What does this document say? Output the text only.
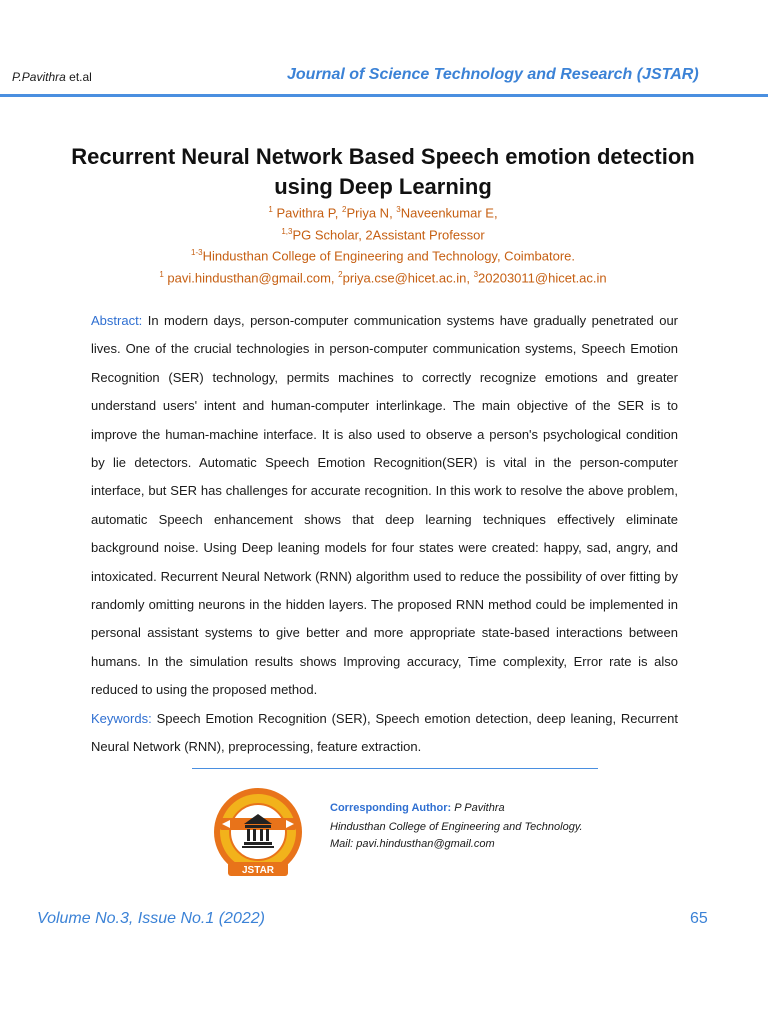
P.Pavithra et.al	Journal of Science Technology and Research (JSTAR)
Recurrent Neural Network Based Speech emotion detection using Deep Learning
$^1$ Pavithra P, $^2$Priya N, $^3$Naveenkumar E,
$^{1,3}$PG Scholar, 2Assistant Professor
$^{1-3}$Hindusthan College of Engineering and Technology, Coimbatore.
$^1$ pavi.hindusthan@gmail.com, $^2$priya.cse@hicet.ac.in, $^3$20203011@hicet.ac.in
Abstract: In modern days, person-computer communication systems have gradually penetrated our lives. One of the crucial technologies in person-computer communication systems, Speech Emotion Recognition (SER) technology, permits machines to correctly recognize emotions and greater understand users' intent and human-computer interlinkage. The main objective of the SER is to improve the human-machine interface. It is also used to observe a person's psychological condition by lie detectors. Automatic Speech Emotion Recognition(SER) is vital in the person-computer interface, but SER has challenges for accurate recognition. In this work to resolve the above problem, automatic Speech enhancement shows that deep learning techniques effectively eliminate background noise. Using Deep leaning models for four states were created: happy, sad, angry, and intoxicated. Recurrent Neural Network (RNN) algorithm used to reduce the possibility of over fitting by randomly omitting neurons in the hidden layers. The proposed RNN method could be implemented in personal assistant systems to give better and more appropriate state-based interactions between humans. In the simulation results shows Improving accuracy, Time complexity, Error rate is also reduced to using the proposed method.
Keywords: Speech Emotion Recognition (SER), Speech emotion detection, deep leaning, Recurrent Neural Network (RNN), preprocessing, feature extraction.
JSTAR
Corresponding Author: P Pavithra
Hindusthan College of Engineering and Technology.
Mail: pavi.hindusthan@gmail.com
Volume No.3, Issue No.1 (2022)	65
